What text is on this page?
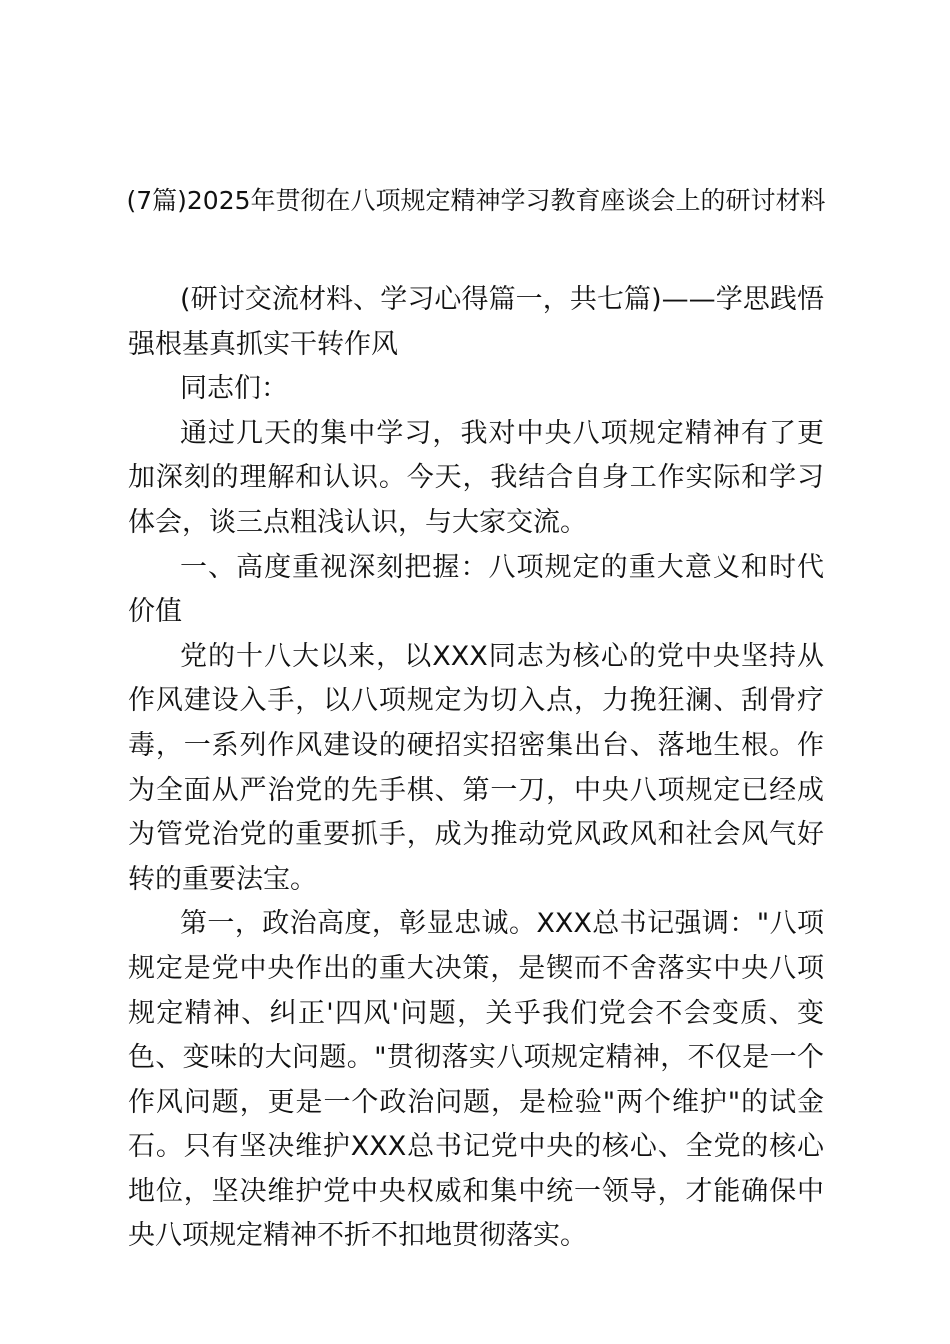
(7篇)2025年贯彻在八项规定精神学习教育座谈会上的研讨材料

(研讨交流材料、学习心得篇一，共七篇)——学思践悟强根基真抓实干转作风

同志们：

通过几天的集中学习，我对中央八项规定精神有了更加深刻的理解和认识。今天，我结合自身工作实际和学习体会，谈三点粗浅认识，与大家交流。

一、高度重视深刻把握：八项规定的重大意义和时代价值

党的十八大以来，以XXX同志为核心的党中央坚持从作风建设入手，以八项规定为切入点，力挽狂澜、刮骨疗毒，一系列作风建设的硬招实招密集出台、落地生根。作为全面从严治党的先手棋、第一刀，中央八项规定已经成为管党治党的重要抓手，成为推动党风政风和社会风气好转的重要法宝。

第一，政治高度，彰显忠诚。XXX总书记强调："八项规定是党中央作出的重大决策，是锲而不舍落实中央八项规定精神、纠正'四风'问题，关乎我们党会不会变质、变色、变味的大问题。"贯彻落实八项规定精神，不仅是一个作风问题，更是一个政治问题，是检验"两个维护"的试金石。只有坚决维护XXX总书记党中央的核心、全党的核心地位，坚决维护党中央权威和集中统一领导，才能确保中央八项规定精神不折不扣地贯彻落实。
